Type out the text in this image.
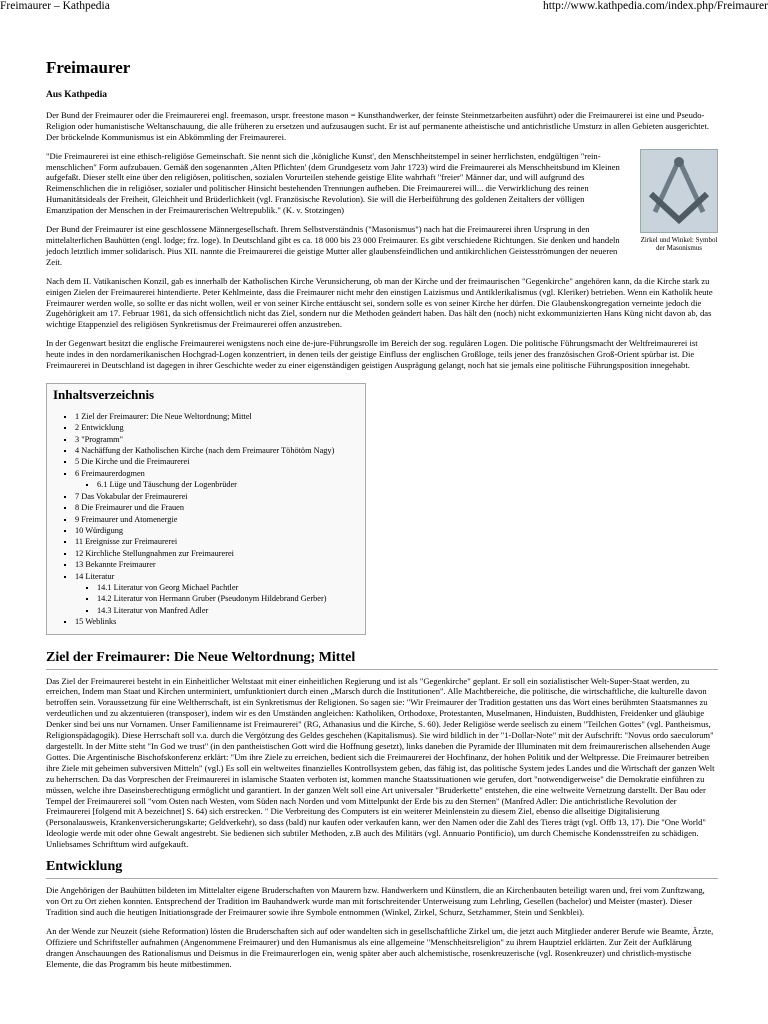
Freimaurer – Kathpedia	http://www.kathpedia.com/index.php/Freimaurer
Freimaurer
Aus Kathpedia

Der Bund der Freimaurer oder die Freimaurerei engl. freemason, urspr. freestone mason = Kunsthandwerker, der feinste Steinmetzarbeiten ausführt) oder die Freimaurerei ist eine und Pseudo-Religion oder humanistische Weltanschauung, die alle früheren zu ersetzen und aufzusaugen sucht. Er ist auf permanente atheistische und antichristliche Umsturz in allen Gebieten ausgerichtet. Der bröckelnde Kommunismus ist ein Abkömmling der Freimaurerei.

Zirkel und Winkel: Symbol der Masonismus

"Die Freimaurerei ist eine ethisch-religiöse Gemeinschaft. Sie nennt sich die ,königliche Kunst', den Menschheitstempel in seiner herrlichsten, endgültigen "rein-menschlichen" Form aufzubauen. Gemäß den sogenannten ,Alten Pflichten' (dem Grundgesetz vom Jahr 1723) wird die Freimaurerei als Menschheitsbund im Kleinen aufgefaßt. Dieser stellt eine über den religiösen, politischen, sozialen Vorurteilen stehende geistige Elite wahrhaft "freier" Männer dar, und will aufgrund des Reimenschlichen die in religiöser, sozialer und politischer Hinsicht bestehenden Trennungen aufheben. Die Freimaurerei will... die Verwirklichung des reinen Humanitätsideals der Freiheit, Gleichheit und Brüderlichkeit (vgl. Französische Revolution). Sie will die Herbeiführung des goldenen Zeitalters der völligen Emanzipation der Menschen in der Freimaurerischen Weltrepublik." (K. v. Stotzingen)

Der Bund der Freimaurer ist eine geschlossene Männergesellschaft. Ihrem Selbstverständnis ("Masonismus") nach hat die Freimaurerei ihren Ursprung in den mittelalterlichen Bauhütten (engl. lodge; frz. loge). In Deutschland gibt es ca. 18 000 bis 23 000 Freimaurer. Es gibt verschiedene Richtungen. Sie denken und handeln jedoch letztlich immer solidarisch. Pius XII. nannte die Freimaurerei die geistige Mutter aller glaubensfeindlichen und antikirchlichen Geistesströmungen der neueren Zeit.

Nach dem II. Vatikanischen Konzil, gab es innerhalb der Katholischen Kirche Verunsicherung, ob man der Kirche und der freimaurischen "Gegenkirche" angehören kann, da die Kirche stark zu einigen Zielen der Freimaurerei hintendierte. Peter Kehlmeinte, dass die Freimaurer nicht mehr den einstigen Laizismus und Antiklerikalismus (vgl. Kleriker) betrieben. Wenn ein Katholik heute Freimaurer werden wolle, so sollte er das nicht wollen, weil er von seiner Kirche enttäuscht sei, sondern solle es von seiner Kirche her dürfen. Die Glaubenskongregation verneinte jedoch die Zugehörigkeit am 17. Februar 1981, da sich offensichtlich nicht das Ziel, sondern nur die Methoden geändert haben. Das hält den (noch) nicht exkommunizierten Hans Küng nicht davon ab, das wichtige Etappenziel des religiösen Synkretismus der Freimaurerei offen anzustreben.

In der Gegenwart besitzt die englische Freimaurerei wenigstens noch eine de-jure-Führungsrolle im Bereich der sog. regulären Logen. Die politische Führungsmacht der Weltfreimaurerei ist heute indes in den nordamerikanischen Hochgrad-Logen konzentriert, in denen teils der geistige Einfluss der englischen Großloge, teils jener des französischen Groß-Orient spürbar ist. Die Freimaurerei in Deutschland ist dagegen in ihrer Geschichte weder zu einer eigenständigen geistigen Ausprägung gelangt, noch hat sie jemals eine politische Führungsposition innegehabt.

Inhaltsverzeichnis
▪ 1 Ziel der Freimaurer: Die Neue Weltordnung; Mittel
▪ 2 Entwicklung
▪ 3 "Programm"
▪ 4 Nachäffung der Katholischen Kirche (nach dem Freimaurer Töhötöm Nagy)
▪ 5 Die Kirche und die Freimaurerei
▪ 6 Freimaurerdogmen
▪ 6.1 Lüge und Täuschung der Logenbrüder
▪ 7 Das Vokabular der Freimaurerei
▪ 8 Die Freimaurer und die Frauen
▪ 9 Freimaurer und Atomenergie
▪ 10 Würdigung
▪ 11 Ereignisse zur Freimaurerei
▪ 12 Kirchliche Stellungnahmen zur Freimaurerei
▪ 13 Bekannte Freimaurer
▪ 14 Literatur
▪ 14.1 Literatur von Georg Michael Pachtler
▪ 14.2 Literatur von Hermann Gruber (Pseudonym Hildebrand Gerber)
▪ 14.3 Literatur von Manfred Adler
▪ 15 Weblinks
Ziel der Freimaurer: Die Neue Weltordnung; Mittel

Das Ziel der Freimaurerei besteht in ein Einheitlicher Weltstaat mit einer einheitlichen Regierung und ist als "Gegenkirche" geplant. Er soll ein sozialistischer Welt-Super-Staat werden, zu erreichen, Indem man Staat und Kirchen unterminiert, umfunktioniert durch einen „Marsch durch die Institutionen". Alle Machtbereiche, die politische, die wirtschaftliche, die kulturelle davon betroffen sein. Voraussetzung für eine Weltherrschaft, ist ein Synkretismus der Religionen. So sagen sie: "Wir Freimaurer der Tradition gestatten uns das Wort eines berühmten Staatsmannes zu verdeutlichen und zu akzentuieren (transposer), indem wir es den Umständen angleichen: Katholiken, Orthodoxe, Protestanten, Muselmanen, Hinduisten, Buddhisten, Freidenker und gläubige Denker sind bei uns nur Vornamen. Unser Familienname ist Freimaurerei" (RG, Athanasius und die Kirche, S. 60). Jeder Religiöse werde seelisch zu einem "Teilchen Gottes" (vgl. Pantheismus, Religionspädagogik). Diese Herrschaft soll v.a. durch die Vergötzung des Geldes geschehen (Kapitalismus). Sie wird bildlich in der "1-Dollar-Note" mit der Aufschrift: "Novus ordo saeculorum" dargestellt. In der Mitte steht "In God we trust" (in den pantheistischen Gott wird die Hoffnung gesetzt), links daneben die Pyramide der Illuminaten mit dem freimaurerischen allsehenden Auge Gottes. Die Argentinische Bischofskonferenz erklärt: "Um ihre Ziele zu erreichen, bedient sich die Freimaurerei der Hochfinanz, der hohen Politik und der Weltpresse. Die Freimaurer betreiben ihre Ziele mit geheimen subversiven Mitteln" (vgl.) Es soll ein weltweites finanzielles Kontrollsystem geben, das fähig ist, das politische System jedes Landes und die Wirtschaft der ganzen Welt zu beherrschen. Da das Vorpreschen der Freimaurerei in islamische Staaten verboten ist, kommen manche Staatssituationen wie gerufen, dort "notwendigerweise" die Demokratie einführen zu müssen, welche ihre Daseinsberechtigung ermöglicht und garantiert. In der ganzen Welt soll eine Art universaler "Bruderkette" entstehen, die eine weltweite Vernetzung darstellt. Der Bau oder Tempel der Freimaurerei soll "vom Osten nach Westen, vom Süden nach Norden und vom Mittelpunkt der Erde bis zu den Sternen" (Manfred Adler: Die antichristliche Revolution der Freimaurerei [folgend mit A bezeichnet] S. 64) sich erstrecken. " Die Verbreitung des Computers ist ein weiterer Meinlenstein zu diesem Ziel, ebenso die allseitige Digitalisierung (Personalausweis, Krankenversicherungskarte; Geldverkehr), so dass (bald) nur kaufen oder verkaufen kann, wer den Namen oder die Zahl des Tieres trägt (vgl. Offb 13, 17). Die "One World" Ideologie werde mit oder ohne Gewalt angestrebt. Sie bedienen sich subtiler Methoden, z.B auch des Militärs (vgl. Annuario Pontificio), um durch Chemische Kondensstreifen zu schädigen. Unliebsames Schrifttum wird aufgekauft.

Entwicklung

Die Angehörigen der Bauhütten bildeten im Mittelalter eigene Bruderschaften von Maurern bzw. Handwerkern und Künstlern, die an Kirchenbauten beteiligt waren und, frei vom Zunftzwang, von Ort zu Ort ziehen konnten. Entsprechend der Tradition im Bauhandwerk wurde man mit fortschreitender Unterweisung zum Lehrling, Gesellen (bachelor) und Meister (master). Dieser Tradition sind auch die heutigen Initiationsgrade der Freimaurer sowie ihre Symbole entnommen (Winkel, Zirkel, Schurz, Setzhammer, Stein und Senkblei).

An der Wende zur Neuzeit (siehe Reformation) lösten die Bruderschaften sich auf oder wandelten sich in gesellschaftliche Zirkel um, die jetzt auch Mitglieder anderer Berufe wie Beamte, Ärzte, Offiziere und Schriftsteller aufnahmen (Angenommene Freimaurer) und den Humanismus als eine allgemeine "Menschheitsreligion" zu ihrem Hauptziel erklärten. Zur Zeit der Aufklärung drangen Anschauungen des Rationalismus und Deismus in die Freimaurerlogen ein, wenig später aber auch alchemistische, rosenkreuzerische (vgl. Rosenkreuzer) und christlich-mystische Elemente, die das Programm bis heute mitbestimmen.
